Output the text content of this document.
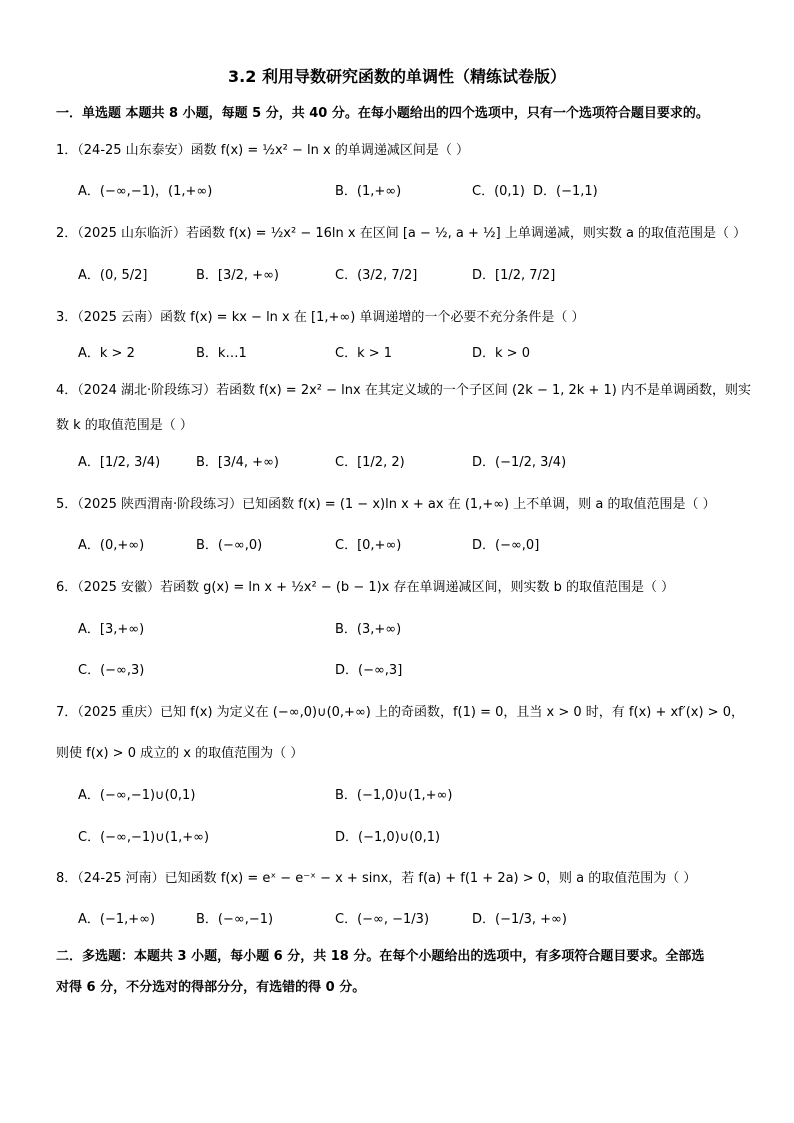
3.2 利用导数研究函数的单调性（精练试卷版）
一．单选题 本题共 8 小题，每题 5 分，共 40 分。在每小题给出的四个选项中，只有一个选项符合题目要求的。
1．（24-25 山东泰安）函数 f(x) = ½x² − ln x 的单调递减区间是（ ）
A．(−∞,−1)，(1,+∞)	B．(1,+∞)	C．(0,1) D．(−1,1)
2．（2025 山东临沂）若函数 f(x) = ½x² − 16ln x 在区间 [a − ½, a + ½] 上单调递减，则实数 a 的取值范围是（ ）
A．(0, 5/2]	B．[3/2, +∞)	C．(3/2, 7/2]	D．[1/2, 7/2]
3．（2025 云南）函数 f(x) = kx − ln x 在 [1,+∞) 单调递增的一个必要不充分条件是（ ）
A．k > 2	B．k…1	C．k > 1	D．k > 0
4．（2024 湖北·阶段练习）若函数 f(x) = 2x² − lnx 在其定义域的一个子区间 (2k − 1, 2k + 1) 内不是单调函数，则实
数 k 的取值范围是（ ）
A．[1/2, 3/4)	B．[3/4, +∞)	C．[1/2, 2)	D．(−1/2, 3/4)
5．（2025 陕西渭南·阶段练习）已知函数 f(x) = (1 − x)ln x + ax 在 (1,+∞) 上不单调，则 a 的取值范围是（ ）
A．(0,+∞)	B．(−∞,0)	C．[0,+∞)	D．(−∞,0]
6．（2025 安徽）若函数 g(x) = ln x + ½x² − (b − 1)x 存在单调递减区间，则实数 b 的取值范围是（ ）
A．[3,+∞)	B．(3,+∞)
C．(−∞,3)	D．(−∞,3]
7．（2025 重庆）已知 f(x) 为定义在 (−∞,0)∪(0,+∞) 上的奇函数，f(1) = 0，且当 x > 0 时，有 f(x) + xf′(x) > 0，
则使 f(x) > 0 成立的 x 的取值范围为（ ）
A．(−∞,−1)∪(0,1)	B．(−1,0)∪(1,+∞)
C．(−∞,−1)∪(1,+∞)	D．(−1,0)∪(0,1)
8．（24-25 河南）已知函数 f(x) = eˣ − e⁻ˣ − x + sinx，若 f(a) + f(1 + 2a) > 0，则 a 的取值范围为（ ）
A．(−1,+∞)	B．(−∞,−1)	C．(−∞, −1/3)	D．(−1/3, +∞)
二．多选题：本题共 3 小题，每小题 6 分，共 18 分。在每个小题给出的选项中，有多项符合题目要求。全部选
对得 6 分，不分选对的得部分分，有选错的得 0 分。
